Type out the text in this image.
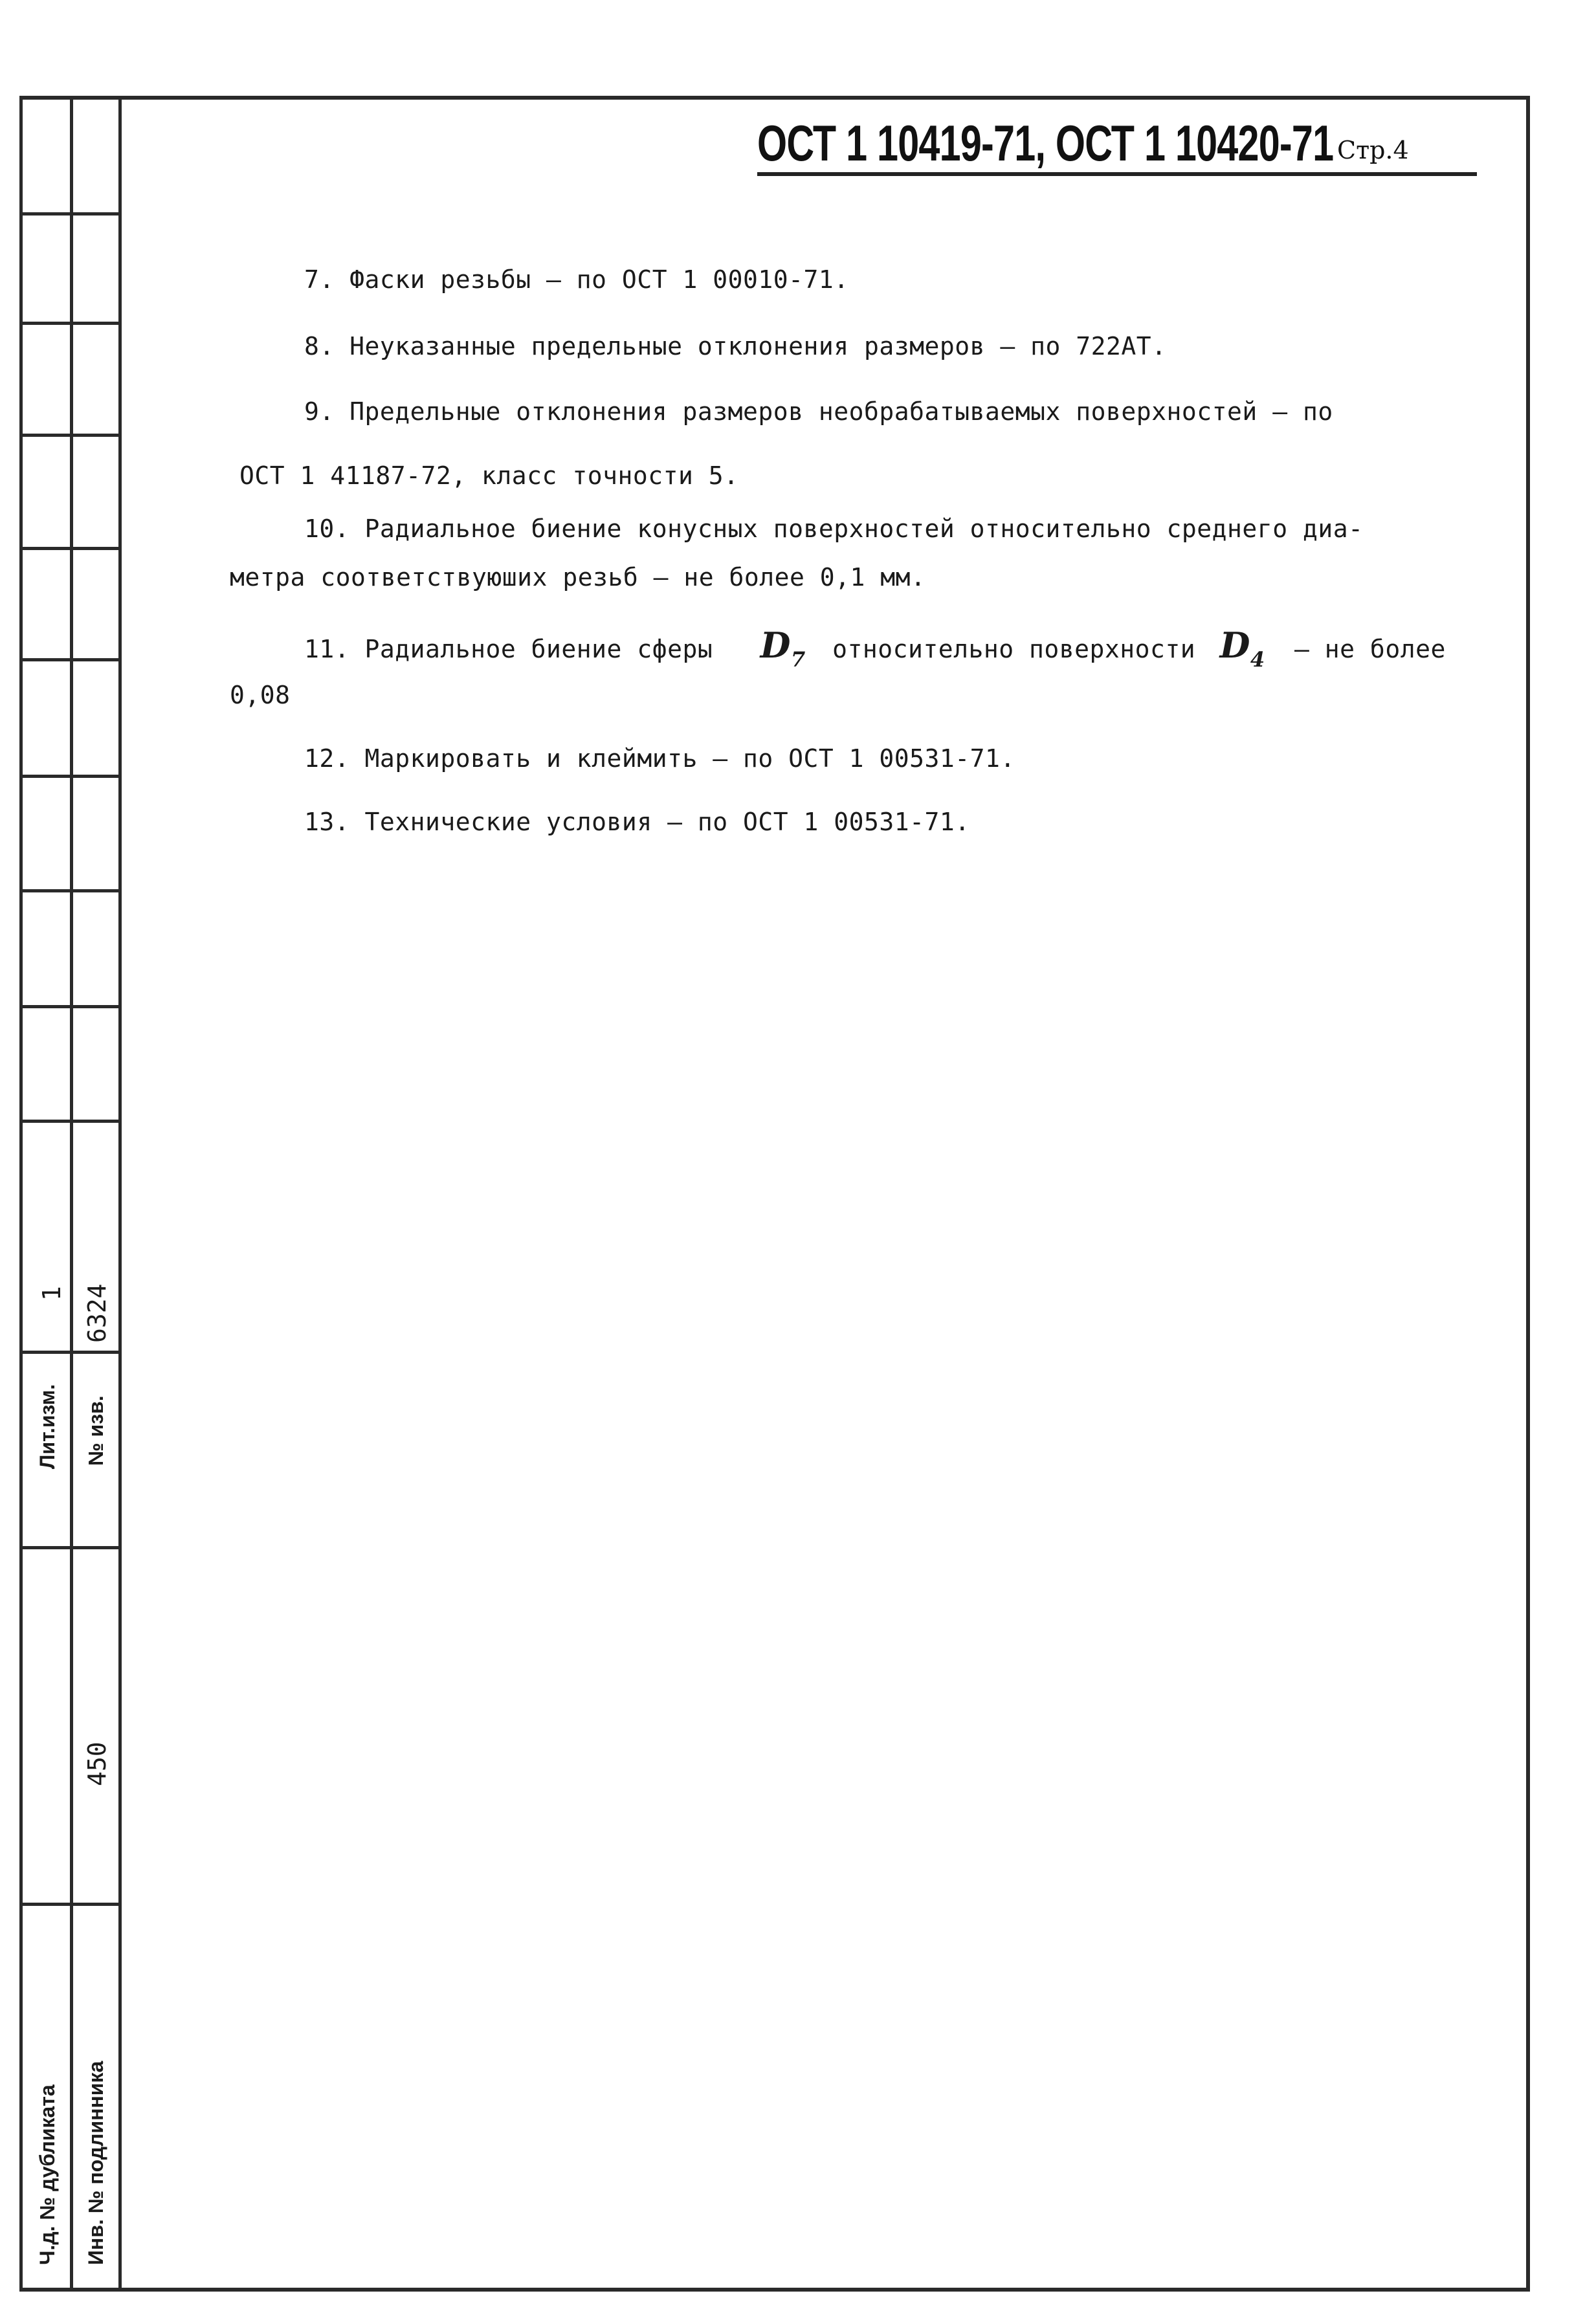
ОСТ 1 10419-71, ОСТ 1 10420-71 Стр.4
7. Фаски резьбы — по ОСТ 1 00010-71.
8. Неуказанные предельные отклонения размеров — по 722АТ.
9. Предельные отклонения размеров необрабатываемых поверхностей — по
ОСТ 1 41187-72, класс точности 5.
10. Радиальное биение конусных поверхностей относительно среднего диа-
метра соответствуюших резьб — не более 0,1 мм.
11. Радиальное биение сферы $D_7$ относительно поверхности $D_4$ — не более
0,08
12. Маркировать и клеймить — по ОСТ 1 00531-71.
13. Технические условия — по ОСТ 1 00531-71.
1
Лит.изм.
6324
№ изв.
450
Ч.д. № дубликата Инв. № подлинника
